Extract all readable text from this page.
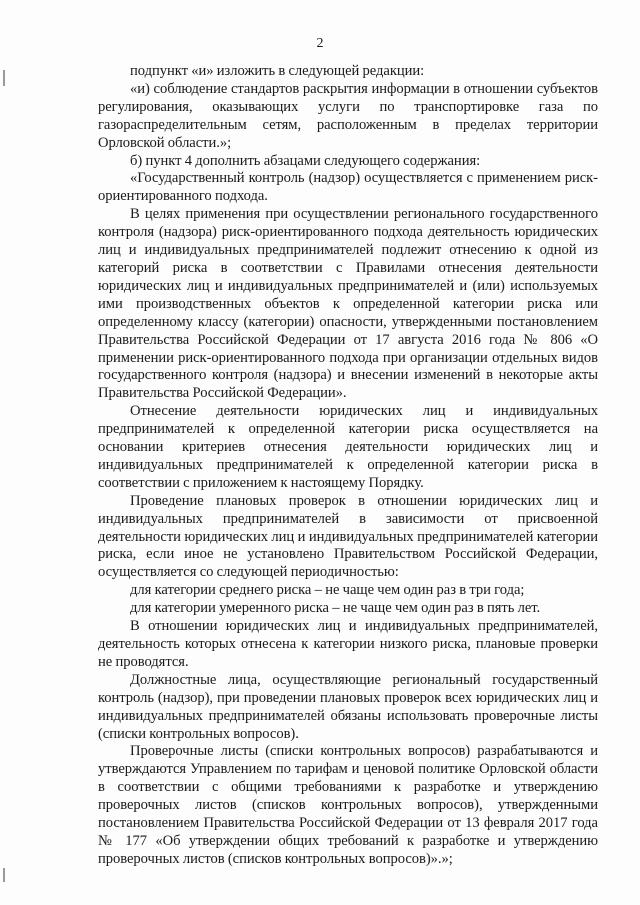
2

подпункт «и» изложить в следующей редакции:

«и) соблюдение стандартов раскрытия информации в отношении субъектов регулирования, оказывающих услуги по транспортировке газа по газораспределительным сетям, расположенным в пределах территории Орловской области.»;

б) пункт 4 дополнить абзацами следующего содержания:

«Государственный контроль (надзор) осуществляется с применением риск-ориентированного подхода.

В целях применения при осуществлении регионального государственного контроля (надзора) риск-ориентированного подхода деятельность юридических лиц и индивидуальных предпринимателей подлежит отнесению к одной из категорий риска в соответствии с Правилами отнесения деятельности юридических лиц и индивидуальных предпринимателей и (или) используемых ими производственных объектов к определенной категории риска или определенному классу (категории) опасности, утвержденными постановлением Правительства Российской Федерации от 17 августа 2016 года № 806 «О применении риск-ориентированного подхода при организации отдельных видов государственного контроля (надзора) и внесении изменений в некоторые акты Правительства Российской Федерации».

Отнесение деятельности юридических лиц и индивидуальных предпринимателей к определенной категории риска осуществляется на основании критериев отнесения деятельности юридических лиц и индивидуальных предпринимателей к определенной категории риска в соответствии с приложением к настоящему Порядку.

Проведение плановых проверок в отношении юридических лиц и индивидуальных предпринимателей в зависимости от присвоенной деятельности юридических лиц и индивидуальных предпринимателей категории риска, если иное не установлено Правительством Российской Федерации, осуществляется со следующей периодичностью:

для категории среднего риска – не чаще чем один раз в три года;

для категории умеренного риска – не чаще чем один раз в пять лет.

В отношении юридических лиц и индивидуальных предпринимателей, деятельность которых отнесена к категории низкого риска, плановые проверки не проводятся.

Должностные лица, осуществляющие региональный государственный контроль (надзор), при проведении плановых проверок всех юридических лиц и индивидуальных предпринимателей обязаны использовать проверочные листы (списки контрольных вопросов).

Проверочные листы (списки контрольных вопросов) разрабатываются и утверждаются Управлением по тарифам и ценовой политике Орловской области в соответствии с общими требованиями к разработке и утверждению проверочных листов (списков контрольных вопросов), утвержденными постановлением Правительства Российской Федерации от 13 февраля 2017 года № 177 «Об утверждении общих требований к разработке и утверждению проверочных листов (списков контрольных вопросов)».»;
